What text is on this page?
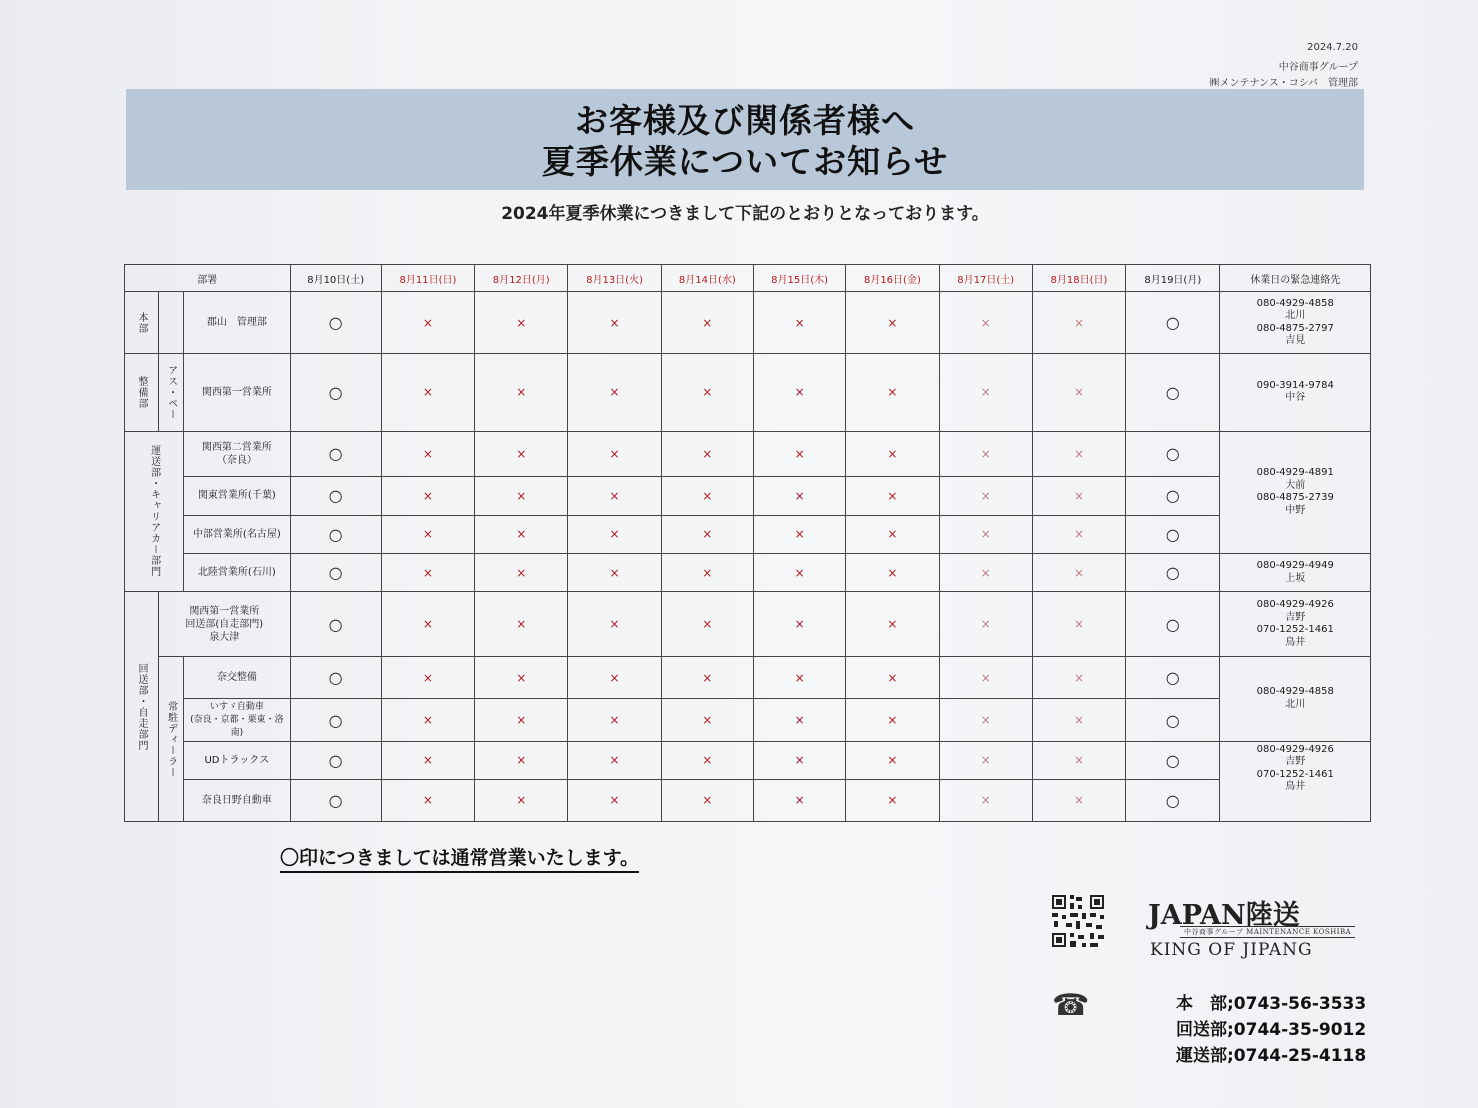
2024.7.20
中谷商事グループ
㈱メンテナンス・コシバ　管理部
お客様及び関係者様へ
夏季休業についてお知らせ
2024年夏季休業につきまして下記のとおりとなっております。
部署			8月10日(土)	8月11日(日)	8月12日(月)	8月13日(火)	8月14日(水)	8月15日(木)	8月16日(金)	8月17日(土)	8月18日(日)	8月19日(月)	休業日の緊急連絡先

本部		郡山　管理部	○	×	×	×	×	×	×	×	×	○	080-4929-4858
北川
080-4875-2797
吉見

整備部	アス・ペー	関西第一営業所	○	×	×	×	×	×	×	×	×	○	090-3914-9784
中谷

運送部・キャリアカー部門		関西第二営業所
（奈良）	○	×	×	×	×	×	×	×	×	○	080-4929-4891
大前
080-4875-2739
中野
		関東営業所(千葉)	○	×	×	×	×	×	×	×	×	○	
		中部営業所(名古屋)	○	×	×	×	×	×	×	×	×	○	
		北陸営業所(石川)	○	×	×	×	×	×	×	×	×	○	080-4929-4949
上坂

回送部・自走部門	関西第一営業所
回送部(自走部門)
泉大津		○	×	×	×	×	×	×	×	×	○	080-4929-4926
吉野
070-1252-1461
鳥井

	常駐ディーラー	奈交整備	○	×	×	×	×	×	×	×	×	○	080-4929-4858
北川
		いすゞ自動車
(奈良・京都・栗東・洛南)	○	×	×	×	×	×	×	×	×	○	
		UDトラックス	○	×	×	×	×	×	×	×	×	○	080-4929-4926
吉野
070-1252-1461
鳥井
		奈良日野自動車	○	×	×	×	×	×	×	×	×	○	
〇印につきましては通常営業いたします。
JAPAN陸送
中谷商事グループ MAINTENANCE KOSHIBA
KING OF JIPANG
☎	本　部;0743-56-3533
回送部;0744-35-9012
運送部;0744-25-4118
